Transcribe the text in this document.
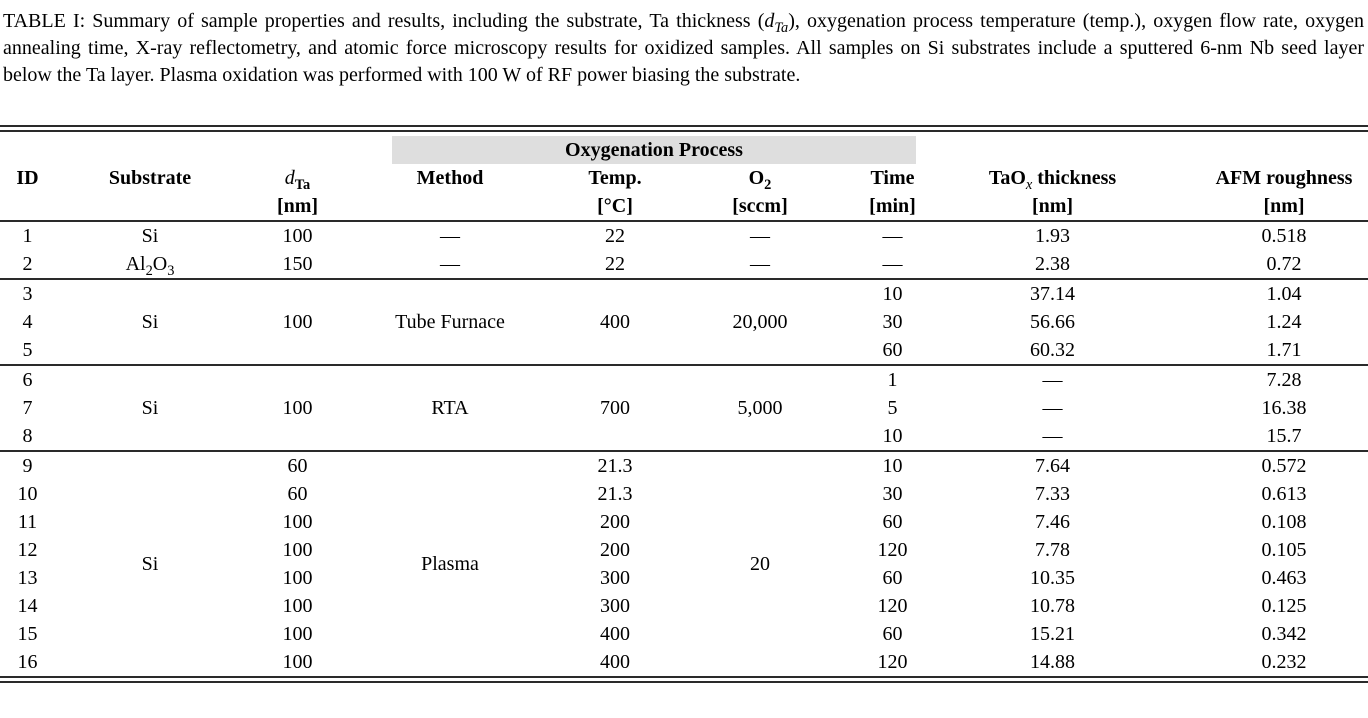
TABLE I: Summary of sample properties and results, including the substrate, Ta thickness $(d_{Ta})$, oxygenation process temperature (temp.), oxygen flow rate, oxygen annealing time, X-ray reflectometry, and atomic force microscopy results for oxidized samples. All samples on Si substrates include a sputtered 6-nm Nb seed layer below the Ta layer. Plasma oxidation was performed with 100 W of RF power biasing the substrate.

			Oxygenation Process					

ID	Substrate	$d_{Ta}$	Method	Temp.	$O_2$	Time	TaO$_x$ thickness	AFM roughness
		[nm]		[°C]	[sccm]	[min]	[nm]	[nm]
1	Si	100	—	22	—	—	1.93	0.518
2	$Al_2O_3$	150	—	22	—	—	2.38	0.72
3	Si	100	Tube Furnace	400	20,000	10	37.14	1.04
4						30	56.66	1.24
5						60	60.32	1.71
6	Si	100	RTA	700	5,000	1	—	7.28
7						5	—	16.38
8						10	—	15.7
9	Si	60	Plasma	21.3	20	10	7.64	0.572
10		60		21.3		30	7.33	0.613
11		100		200		60	7.46	0.108
12		100		200		120	7.78	0.105
13		100		300		60	10.35	0.463
14		100		300		120	10.78	0.125
15		100		400		60	15.21	0.342
16		100		400		120	14.88	0.232
